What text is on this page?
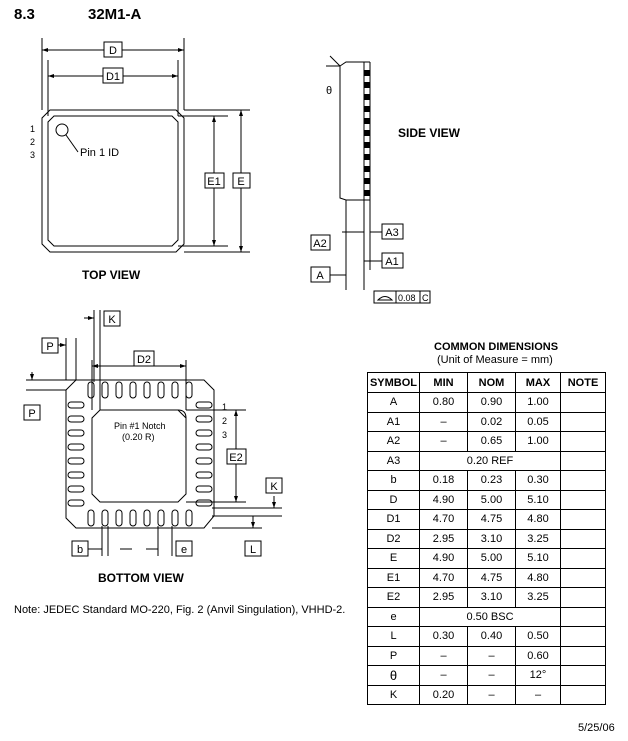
8.3	32M1-A
D
D1
E1 E
Pin 1 ID
1
2
3
A2
A
A3
A1
θ
0.08 C
D2
E2
K
P
P
K
L
b	e
Pin #1 Notch
(0.20 R)
1
2
3
TOP VIEW
SIDE VIEW
BOTTOM VIEW
COMMON DIMENSIONS
(Unit of Measure = mm)
SYMBOL	MIN	NOM	MAX	NOTE
A	0.80	0.90	1.00	
A1	–	0.02	0.05	
A2	–	0.65	1.00	
A3	0.20 REF			
b	0.18	0.23	0.30	
D	4.90	5.00	5.10	
D1	4.70	4.75	4.80	
D2	2.95	3.10	3.25	
E	4.90	5.00	5.10	
E1	4.70	4.75	4.80	
E2	2.95	3.10	3.25	
e	0.50 BSC			
L	0.30	0.40	0.50	
P	–	–	0.60	
θ	–	–	12°	
K	0.20	–	–	
Note: JEDEC Standard MO-220, Fig. 2 (Anvil Singulation), VHHD-2.
5/25/06
